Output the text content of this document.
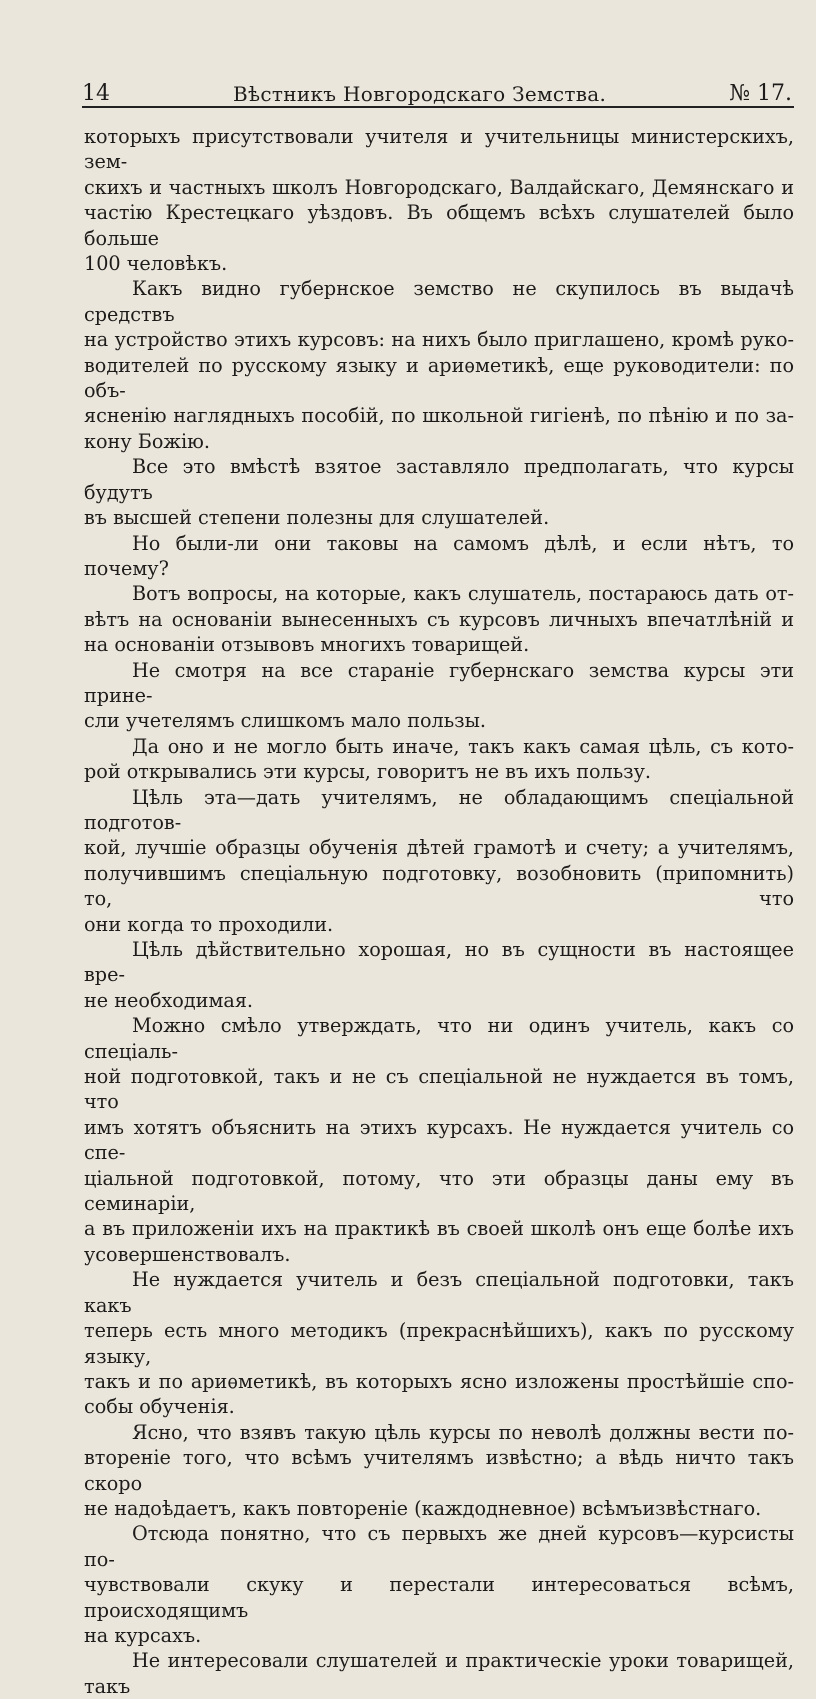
14	Вѣстникъ Новгородскаго Земства.	№ 17.

которыхъ присутствовали учителя и учительницы министерскихъ, зем-

скихъ и частныхъ школъ Новгородскаго, Валдайскаго, Демянскаго и

частію Крестецкаго уѣздовъ. Въ общемъ всѣхъ слушателей было больше

100 человѣкъ.

Какъ видно губернское земство не скупилось въ выдачѣ средствъ

на устройство этихъ курсовъ: на нихъ было приглашено, кромѣ руко-

водителей по русскому языку и ариѳметикѣ, еще руководители: по объ-

ясненію наглядныхъ пособій, по школьной гигіенѣ, по пѣнію и по за-

кону Божію.

Все это вмѣстѣ взятое заставляло предполагать, что курсы будутъ

въ высшей степени полезны для слушателей.

Но были-ли они таковы на самомъ дѣлѣ, и если нѣтъ, то

почему?

Вотъ вопросы, на которые, какъ слушатель, постараюсь дать от-

вѣтъ на основаніи вынесенныхъ съ курсовъ личныхъ впечатлѣній и

на основаніи отзывовъ многихъ товарищей.

Не смотря на все стараніе губернскаго земства курсы эти принe-

сли учетелямъ слишкомъ мало пользы.

Да оно и не могло быть иначе, такъ какъ самая цѣль, съ кото-

рой открывались эти курсы, говоритъ не въ ихъ пользу.

Цѣль эта—дать учителямъ, не обладающимъ спеціальной подготов-

кой, лучшіе образцы обученія дѣтей грамотѣ и счету; а учителямъ,

получившимъ спеціальную подготовку, возобновить (припомнить) то, что

они когда то проходили.

Цѣль дѣйствительно хорошая, но въ сущности въ настоящее вре-

не необходимая.

Можно смѣло утверждать, что ни одинъ учитель, какъ со спеціаль-

ной подготовкой, такъ и не съ спеціальной не нуждается въ томъ, что

имъ хотятъ объяснить на этихъ курсахъ. Не нуждается учитель со спе-

ціальной подготовкой, потому, что эти образцы даны ему въ семинаріи,

а въ приложеніи ихъ на практикѣ въ своей школѣ онъ еще болѣе ихъ

усовершенствовалъ.

Не нуждается учитель и безъ спеціальной подготовки, такъ какъ

теперь есть много методикъ (прекраснѣйшихъ), какъ по русскому языку,

такъ и по ариѳметикѣ, въ которыхъ ясно изложены простѣйшіе спо-

собы обученія.

Ясно, что взявъ такую цѣль курсы по неволѣ должны вести по-

втореніе того, что всѣмъ учителямъ извѣстно; а вѣдь ничто такъ скоро

не надоѣдаетъ, какъ повтореніе (каждодневное) всѣмъизвѣстнаго.

Отсюда понятно, что съ первыхъ же дней курсовъ—курсисты по-

чувствовали скуку и перестали интересоваться всѣмъ, происходящимъ

на курсахъ.

Не интересовали слушателей и практическіе уроки товарищей, такъ
